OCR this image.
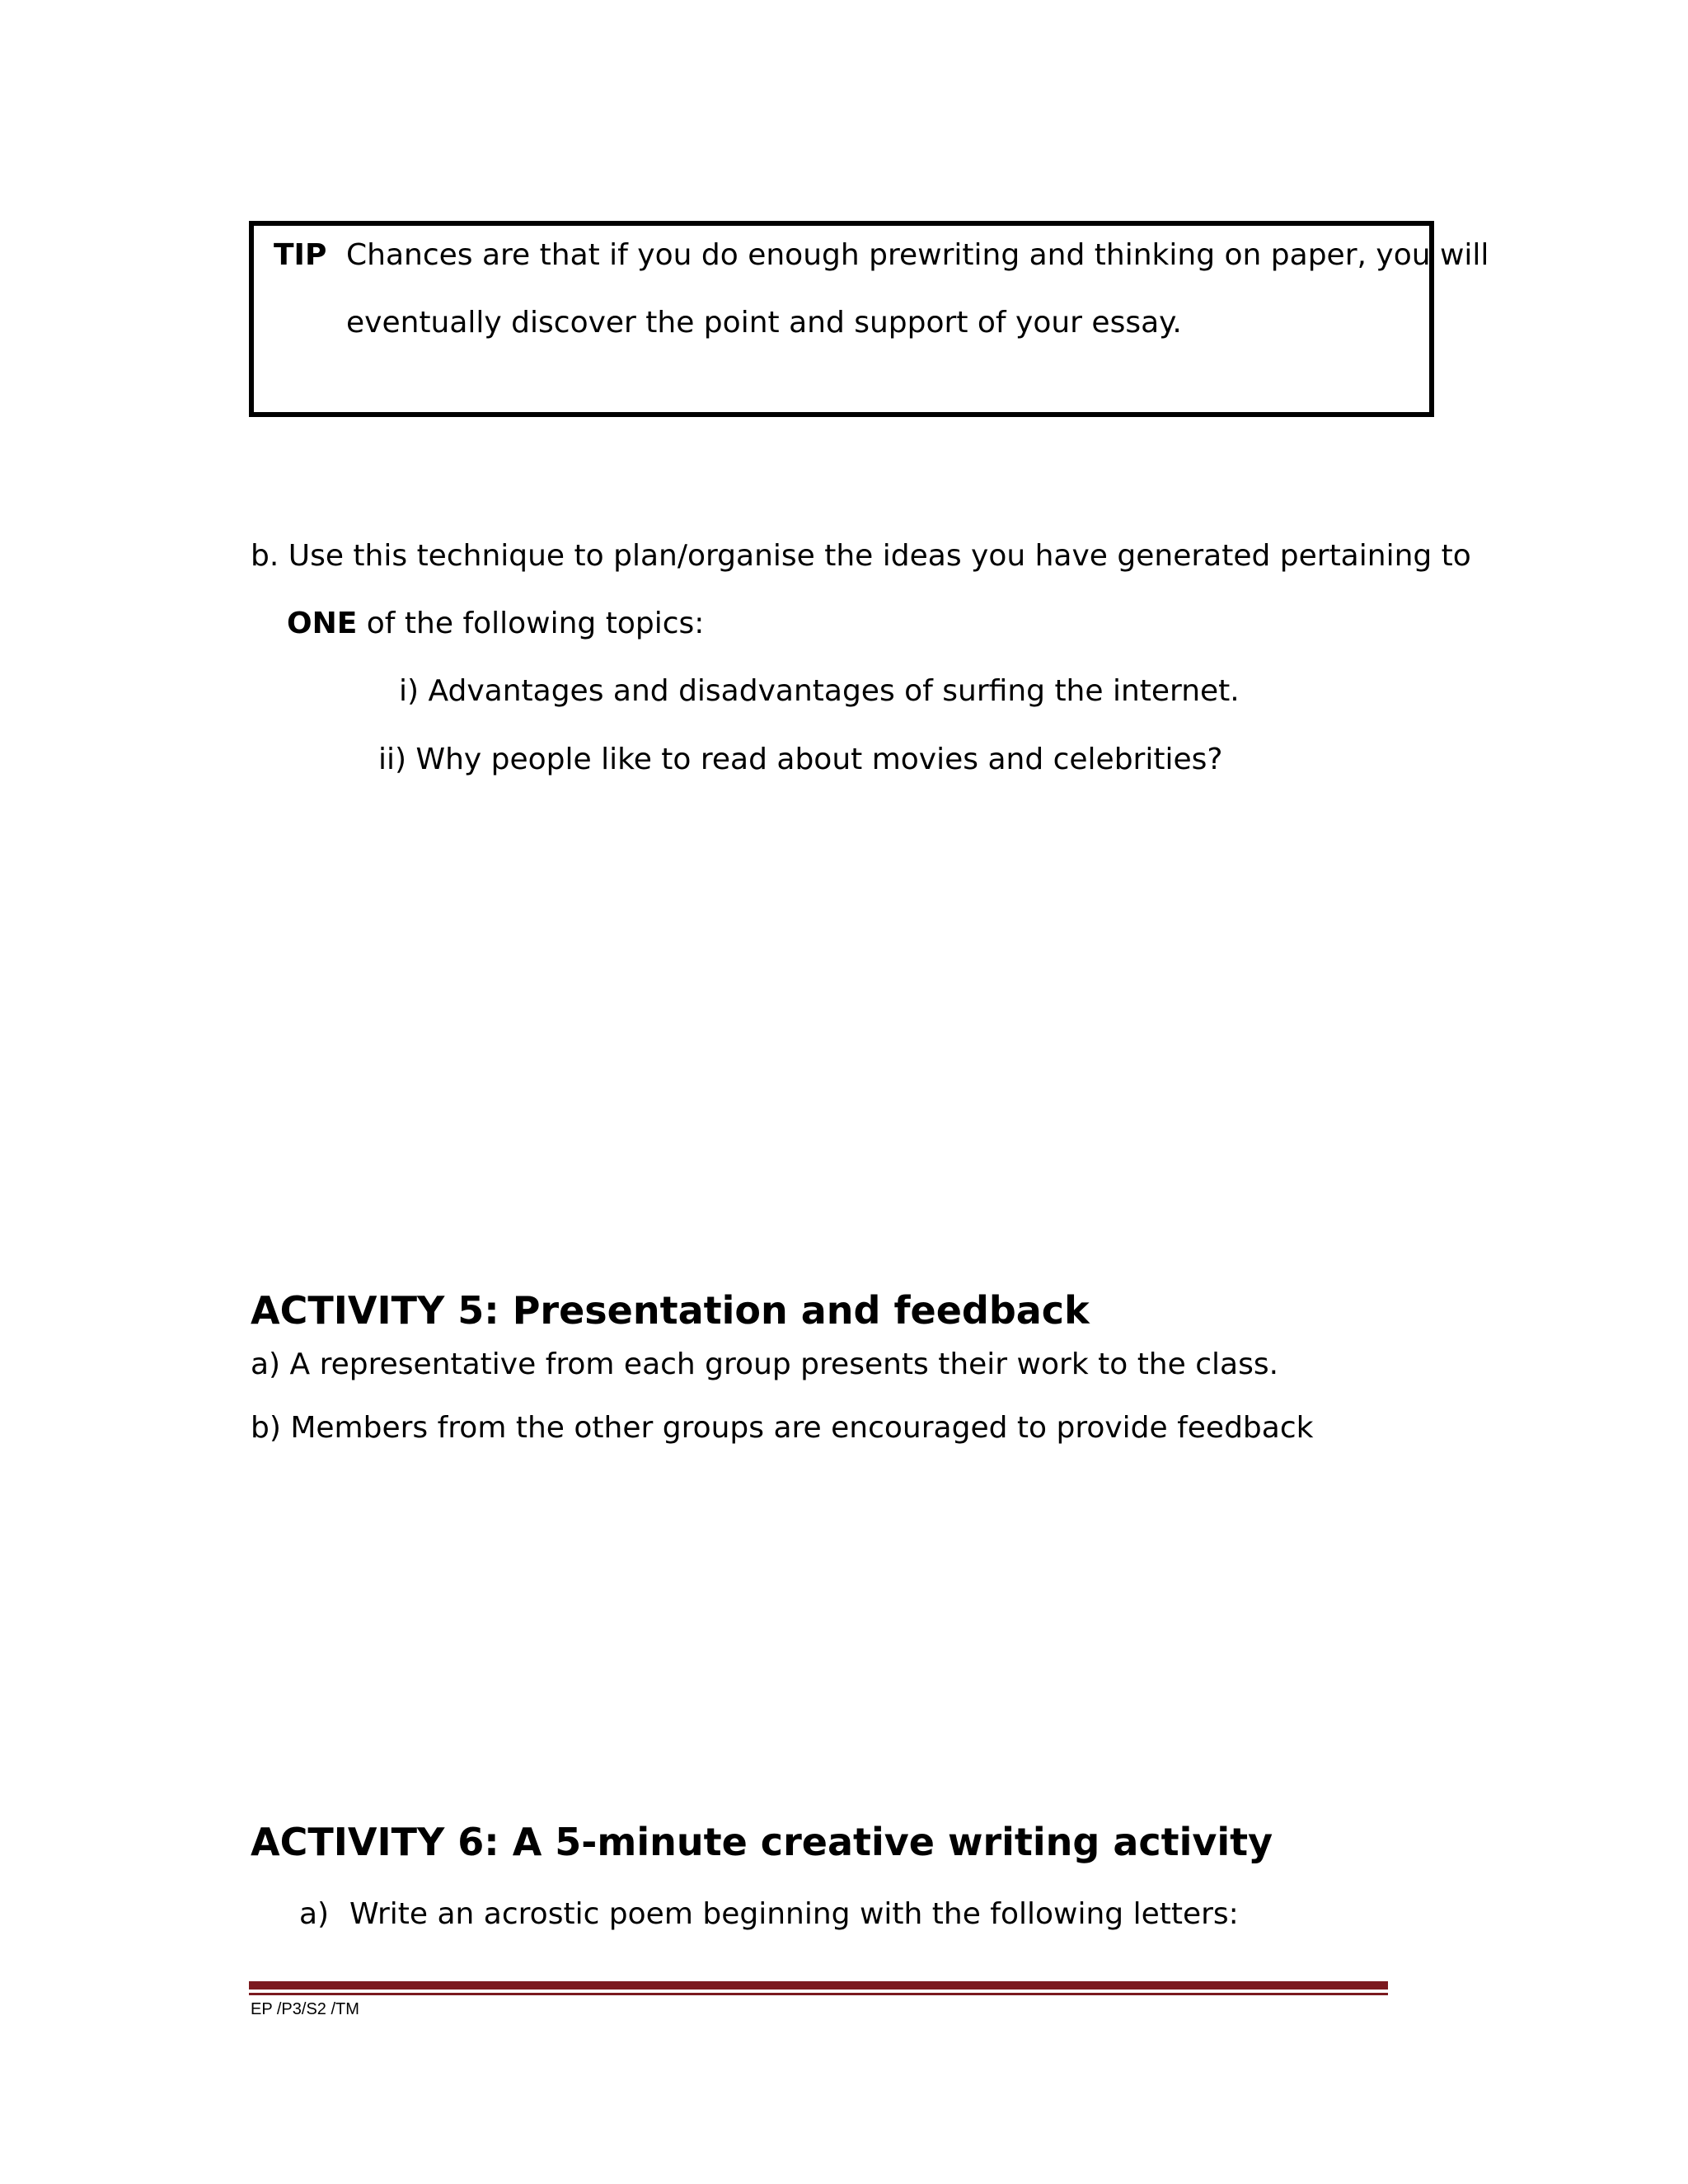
TIP Chances are that if you do enough prewriting and thinking on paper, you will
eventually discover the point and support of your essay.
b. Use this technique to plan/organise the ideas you have generated pertaining to
ONE of the following topics:
i) Advantages and disadvantages of surfing the internet.
ii) Why people like to read about movies and celebrities?
ACTIVITY 5: Presentation and feedback
a) A representative from each group presents their work to the class.
b) Members from the other groups are encouraged to provide feedback
ACTIVITY 6: A 5-minute creative writing activity
a) Write an acrostic poem beginning with the following letters:
EP /P3/S2 /TM
